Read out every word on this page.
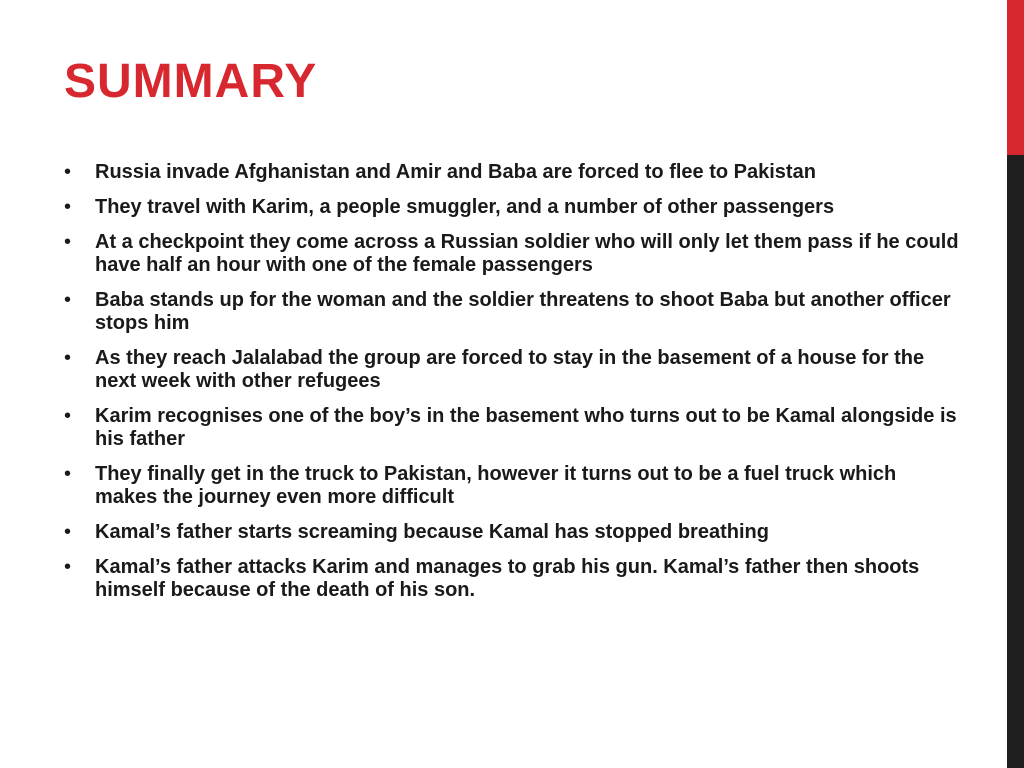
SUMMARY
• Russia invade Afghanistan and Amir and Baba are forced to flee to Pakistan
• They travel with Karim, a people smuggler, and a number of other passengers
• At a checkpoint they come across a Russian soldier who will only let them pass if he could have half an hour with one of the female passengers
• Baba stands up for the woman and the soldier threatens to shoot Baba but another officer stops him
• As they reach Jalalabad the group are forced to stay in the basement of a house for the next week with other refugees
• Karim recognises one of the boy’s in the basement who turns out to be Kamal alongside is his father
• They finally get in the truck to Pakistan, however it turns out to be a fuel truck which makes the journey even more difficult
• Kamal’s father starts screaming because Kamal has stopped breathing
• Kamal’s father attacks Karim and manages to grab his gun. Kamal’s father then shoots himself because of the death of his son.
